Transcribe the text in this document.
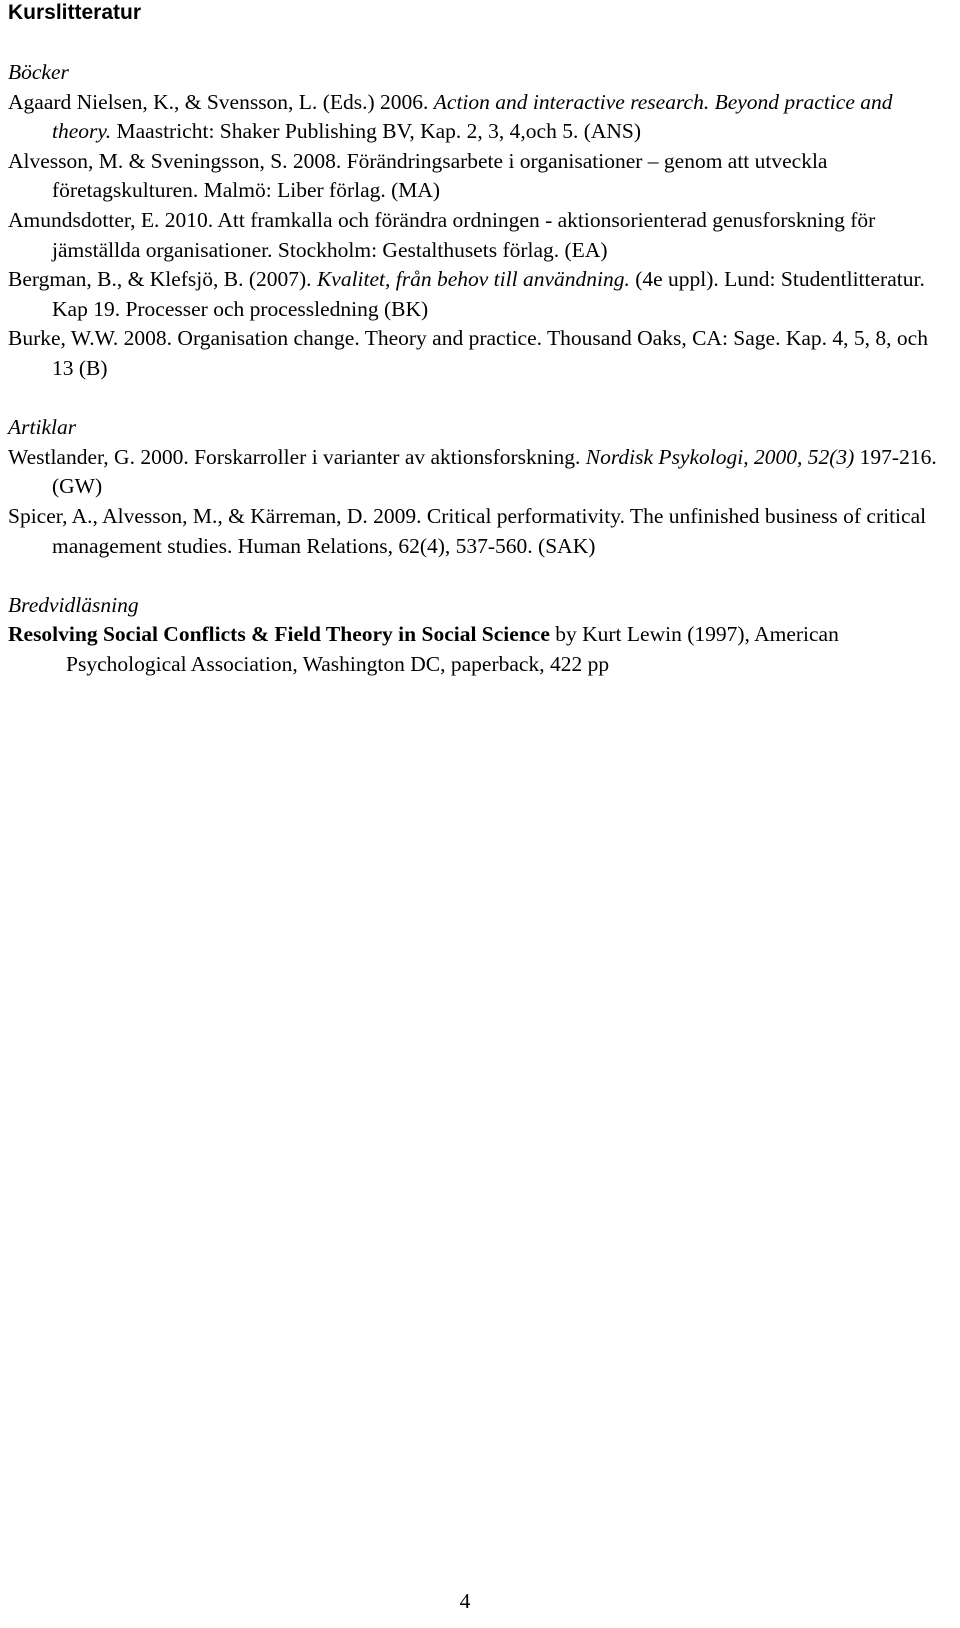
Kurslitteratur

Böcker

Agaard Nielsen, K., & Svensson, L. (Eds.) 2006. Action and interactive research. Beyond practice and theory. Maastricht: Shaker Publishing BV, Kap. 2, 3, 4,och 5. (ANS)

Alvesson, M. & Sveningsson, S. 2008. Förändringsarbete i organisationer – genom att utveckla företagskulturen. Malmö: Liber förlag. (MA)

Amundsdotter, E. 2010. Att framkalla och förändra ordningen - aktionsorienterad genusforskning för jämställda organisationer. Stockholm: Gestalthusets förlag. (EA)

Bergman, B., & Klefsjö, B. (2007). Kvalitet, från behov till användning. (4e uppl). Lund: Studentlitteratur. Kap 19. Processer och processledning (BK)

Burke, W.W. 2008. Organisation change. Theory and practice. Thousand Oaks, CA: Sage. Kap. 4, 5, 8, och 13 (B)

Artiklar

Westlander, G. 2000. Forskarroller i varianter av aktionsforskning. Nordisk Psykologi, 2000, 52(3) 197-216.(GW)

Spicer, A., Alvesson, M., & Kärreman, D. 2009. Critical performativity. The unfinished business of critical management studies. Human Relations, 62(4), 537-560. (SAK)

Bredvidläsning

Resolving Social Conflicts & Field Theory in Social Science by Kurt Lewin (1997), American Psychological Association, Washington DC, paperback, 422 pp

4
